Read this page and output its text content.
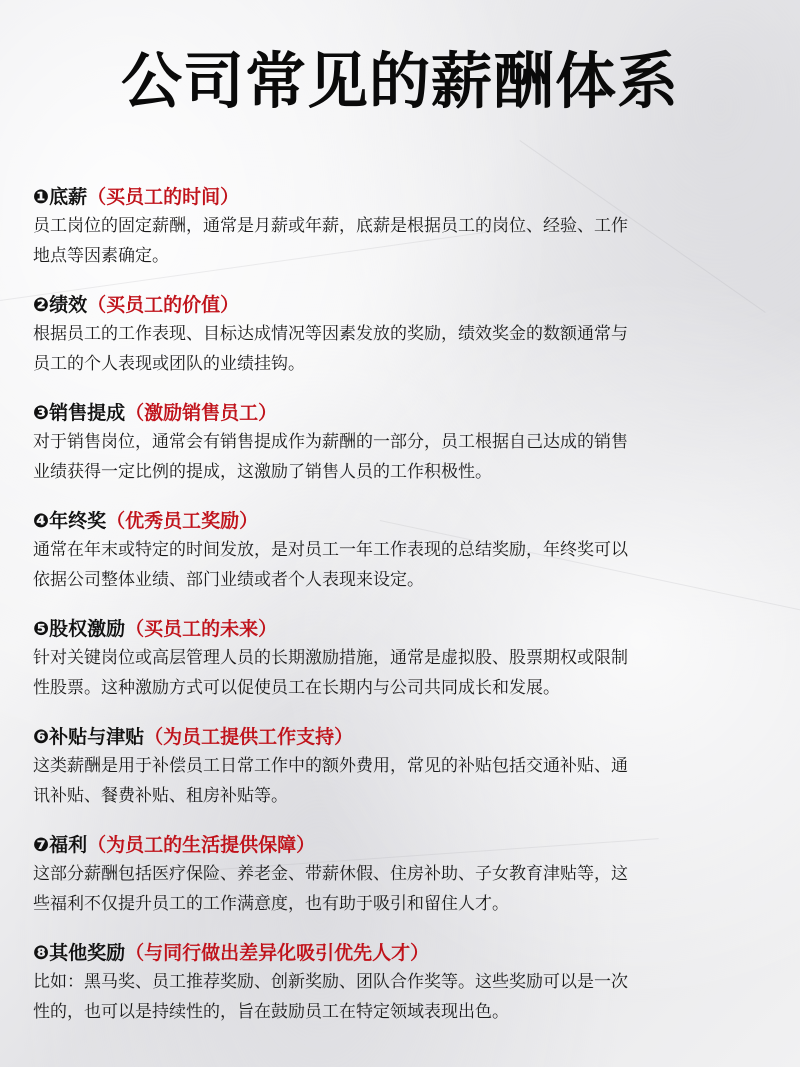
公司常见的薪酬体系
❶底薪（买员工的时间）
员工岗位的固定薪酬，通常是月薪或年薪，底薪是根据员工的岗位、经验、工作
地点等因素确定。
❷绩效（买员工的价值）
根据员工的工作表现、目标达成情况等因素发放的奖励，绩效奖金的数额通常与
员工的个人表现或团队的业绩挂钩。
❸销售提成（激励销售员工）
对于销售岗位，通常会有销售提成作为薪酬的一部分，员工根据自己达成的销售
业绩获得一定比例的提成，这激励了销售人员的工作积极性。
❹年终奖（优秀员工奖励）
通常在年末或特定的时间发放，是对员工一年工作表现的总结奖励，年终奖可以
依据公司整体业绩、部门业绩或者个人表现来设定。
❺股权激励（买员工的未来）
针对关键岗位或高层管理人员的长期激励措施，通常是虚拟股、股票期权或限制
性股票。这种激励方式可以促使员工在长期内与公司共同成长和发展。
❻补贴与津贴（为员工提供工作支持）
这类薪酬是用于补偿员工日常工作中的额外费用，常见的补贴包括交通补贴、通
讯补贴、餐费补贴、租房补贴等。
❼福利（为员工的生活提供保障）
这部分薪酬包括医疗保险、养老金、带薪休假、住房补助、子女教育津贴等，这
些福利不仅提升员工的工作满意度，也有助于吸引和留住人才。
❽其他奖励（与同行做出差异化吸引优先人才）
比如：黑马奖、员工推荐奖励、创新奖励、团队合作奖等。这些奖励可以是一次
性的，也可以是持续性的，旨在鼓励员工在特定领域表现出色。
